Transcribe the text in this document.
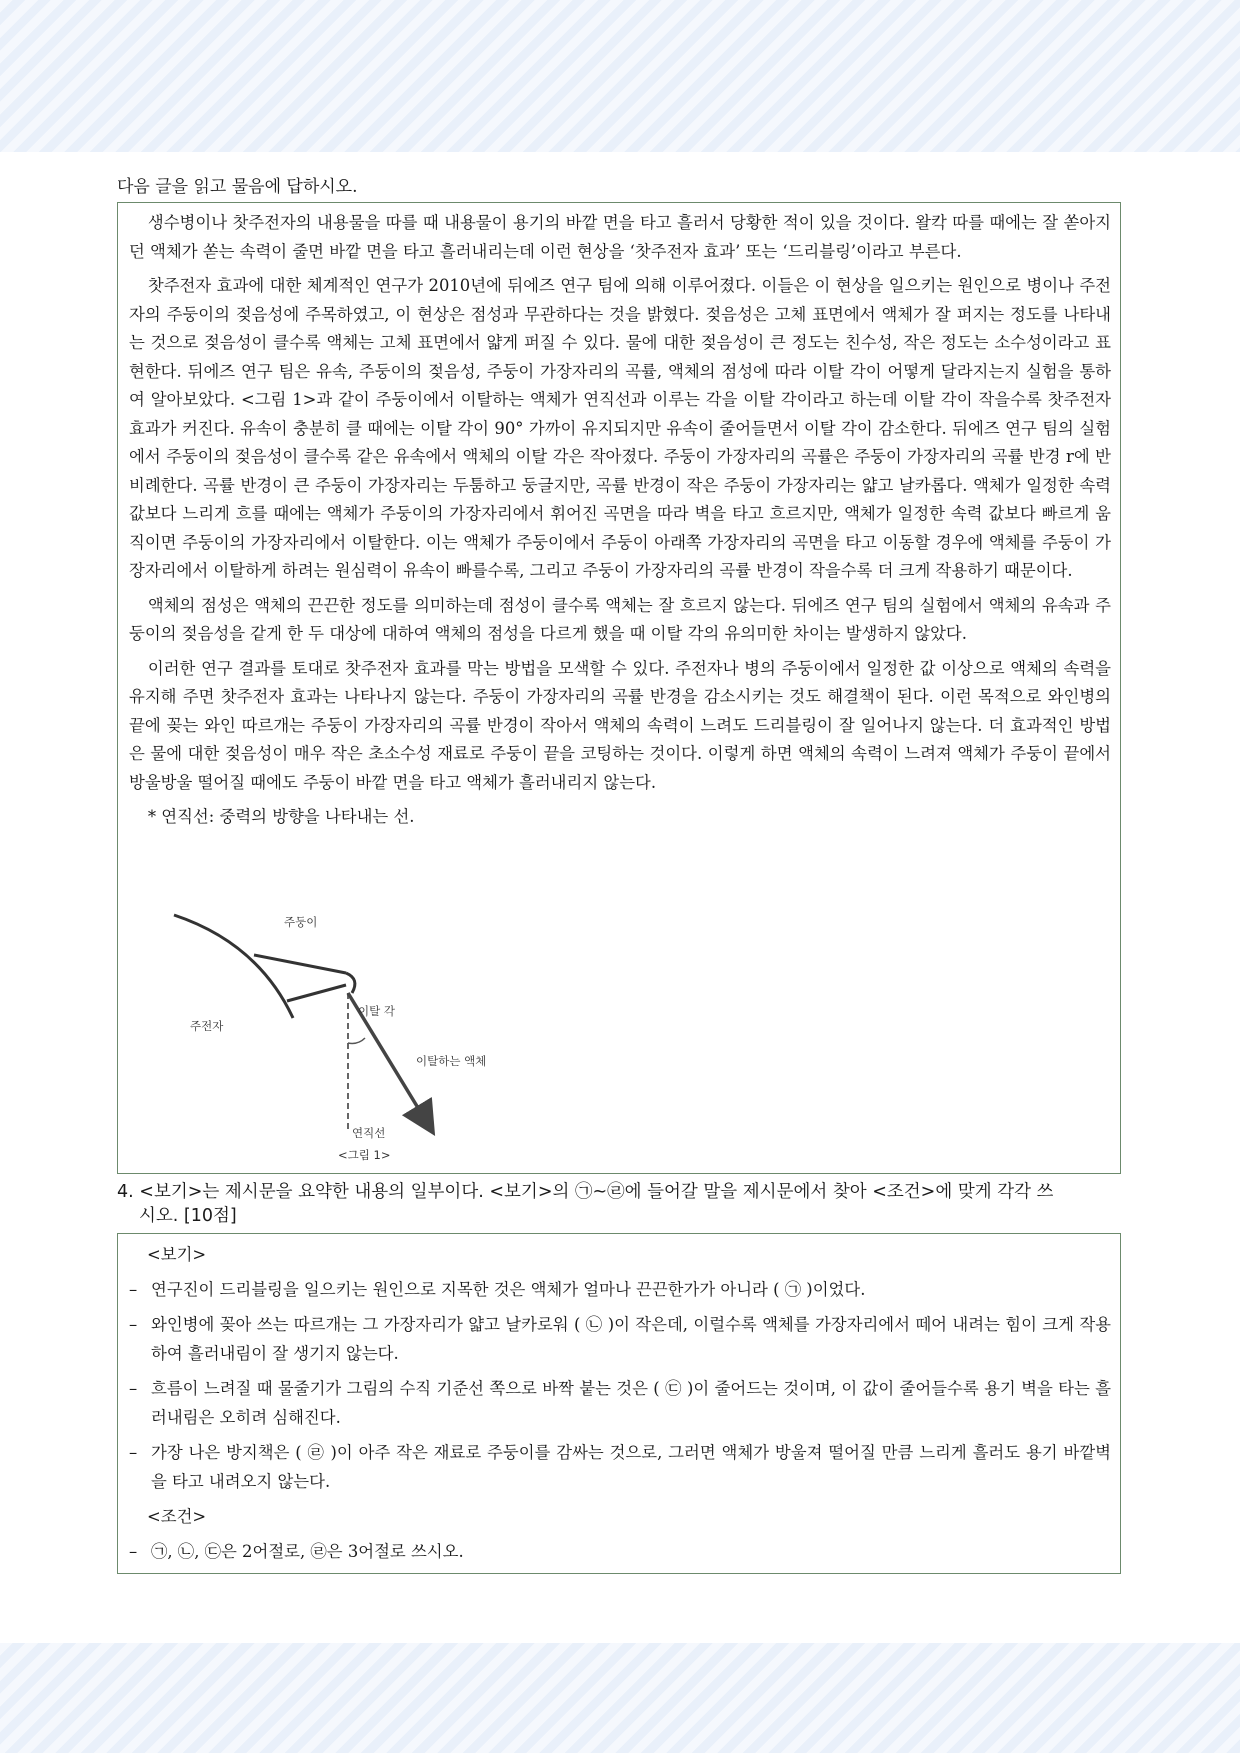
다음 글을 읽고 물음에 답하시오.

생수병이나 찻주전자의 내용물을 따를 때 내용물이 용기의 바깥 면을 타고 흘러서 당황한 적이 있을 것이다. 왈칵 따를 때에는 잘 쏟아지던 액체가 쏟는 속력이 줄면 바깥 면을 타고 흘러내리는데 이런 현상을 ‘찻주전자 효과’ 또는 ‘드리블링’이라고 부른다.

찻주전자 효과에 대한 체계적인 연구가 2010년에 뒤에즈 연구 팀에 의해 이루어졌다. 이들은 이 현상을 일으키는 원인으로 병이나 주전자의 주둥이의 젖음성에 주목하였고, 이 현상은 점성과 무관하다는 것을 밝혔다. 젖음성은 고체 표면에서 액체가 잘 퍼지는 정도를 나타내는 것으로 젖음성이 클수록 액체는 고체 표면에서 얇게 퍼질 수 있다. 물에 대한 젖음성이 큰 정도는 친수성, 작은 정도는 소수성이라고 표현한다. 뒤에즈 연구 팀은 유속, 주둥이의 젖음성, 주둥이 가장자리의 곡률, 액체의 점성에 따라 이탈 각이 어떻게 달라지는지 실험을 통하여 알아보았다. <그림 1>과 같이 주둥이에서 이탈하는 액체가 연직선과 이루는 각을 이탈 각이라고 하는데 이탈 각이 작을수록 찻주전자 효과가 커진다. 유속이 충분히 클 때에는 이탈 각이 90° 가까이 유지되지만 유속이 줄어들면서 이탈 각이 감소한다. 뒤에즈 연구 팀의 실험에서 주둥이의 젖음성이 클수록 같은 유속에서 액체의 이탈 각은 작아졌다. 주둥이 가장자리의 곡률은 주둥이 가장자리의 곡률 반경 r에 반비례한다. 곡률 반경이 큰 주둥이 가장자리는 두툼하고 둥글지만, 곡률 반경이 작은 주둥이 가장자리는 얇고 날카롭다. 액체가 일정한 속력 값보다 느리게 흐를 때에는 액체가 주둥이의 가장자리에서 휘어진 곡면을 따라 벽을 타고 흐르지만, 액체가 일정한 속력 값보다 빠르게 움직이면 주둥이의 가장자리에서 이탈한다. 이는 액체가 주둥이에서 주둥이 아래쪽 가장자리의 곡면을 타고 이동할 경우에 액체를 주둥이 가장자리에서 이탈하게 하려는 원심력이 유속이 빠를수록, 그리고 주둥이 가장자리의 곡률 반경이 작을수록 더 크게 작용하기 때문이다.

액체의 점성은 액체의 끈끈한 정도를 의미하는데 점성이 클수록 액체는 잘 흐르지 않는다. 뒤에즈 연구 팀의 실험에서 액체의 유속과 주둥이의 젖음성을 같게 한 두 대상에 대하여 액체의 점성을 다르게 했을 때 이탈 각의 유의미한 차이는 발생하지 않았다.

이러한 연구 결과를 토대로 찻주전자 효과를 막는 방법을 모색할 수 있다. 주전자나 병의 주둥이에서 일정한 값 이상으로 액체의 속력을 유지해 주면 찻주전자 효과는 나타나지 않는다. 주둥이 가장자리의 곡률 반경을 감소시키는 것도 해결책이 된다. 이런 목적으로 와인병의 끝에 꽂는 와인 따르개는 주둥이 가장자리의 곡률 반경이 작아서 액체의 속력이 느려도 드리블링이 잘 일어나지 않는다. 더 효과적인 방법은 물에 대한 젖음성이 매우 작은 초소수성 재료로 주둥이 끝을 코팅하는 것이다. 이렇게 하면 액체의 속력이 느려져 액체가 주둥이 끝에서 방울방울 떨어질 때에도 주둥이 바깥 면을 타고 액체가 흘러내리지 않는다.

* 연직선: 중력의 방향을 나타내는 선.

주둥이
주전자
이탈 각
이탈하는 액체
연직선
<그림 1>
4. <보기>는 제시문을 요약한 내용의 일부이다. <보기>의 ㉠~㉣에 들어갈 말을 제시문에서 찾아 <조건>에 맞게 각각 쓰
시오. [10점]
<보기>
– 연구진이 드리블링을 일으키는 원인으로 지목한 것은 액체가 얼마나 끈끈한가가 아니라 ( ㉠ )이었다.
– 와인병에 꽂아 쓰는 따르개는 그 가장자리가 얇고 날카로워 ( ㉡ )이 작은데, 이럴수록 액체를 가장자리에서 떼어 내려는 힘이 크게 작용하여 흘러내림이 잘 생기지 않는다.
– 흐름이 느려질 때 물줄기가 그림의 수직 기준선 쪽으로 바짝 붙는 것은 ( ㉢ )이 줄어드는 것이며, 이 값이 줄어들수록 용기 벽을 타는 흘러내림은 오히려 심해진다.
– 가장 나은 방지책은 ( ㉣ )이 아주 작은 재료로 주둥이를 감싸는 것으로, 그러면 액체가 방울져 떨어질 만큼 느리게 흘러도 용기 바깥벽을 타고 내려오지 않는다.
<조건>
– ㉠, ㉡, ㉢은 2어절로, ㉣은 3어절로 쓰시오.
